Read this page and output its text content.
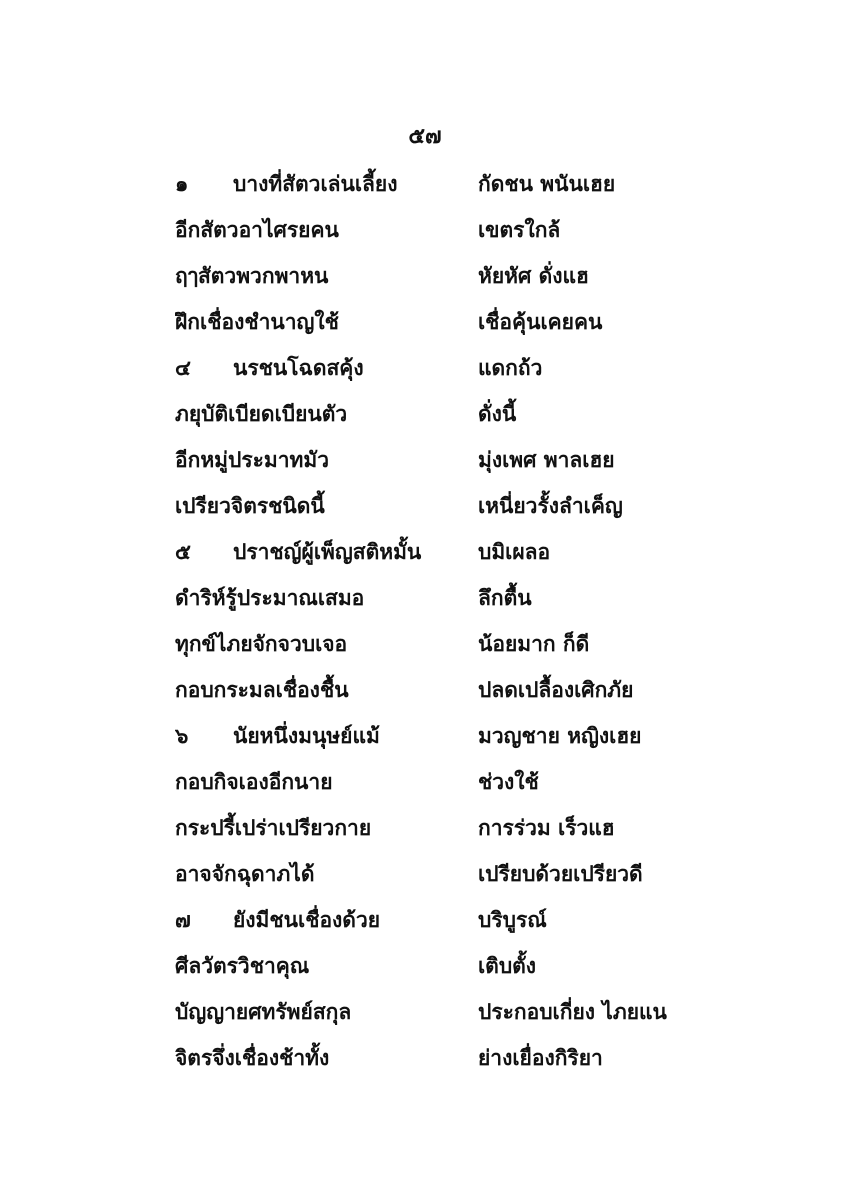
๕๗
๑ บางที่สัตวเล่นเลี้ยง	กัดชน พนันเฮย
อีกสัตวอาไศรยคน	เขตรใกล้
ฤๅสัตวพวกพาหน	หัยหัศ ดั่งแฮ
ฝึกเชื่องชำนาญใช้	เชื่อคุ้นเคยคน
๔ นรชนโฉดสคุ้ง	แดกถ้ว
ภยุบัติเบียดเบียนตัว	ดั่งนี้
อีกหมู่ประมาทมัว	มุ่งเพศ พาลเฮย
เปรียวจิตรชนิดนี้	เหนี่ยวรั้งลำเค็ญ
๕ ปราชญ์ผู้เพ็ญสติหมั้น	บมิเผลอ
ดำริห์รู้ประมาณเสมอ	ลึกตื้น
ทุกข์ไภยจักจวบเจอ	น้อยมาก ก็ดี
กอบกระมลเชื่องชื้น	ปลดเปลื้องเศิกภัย
๖ นัยหนึ่งมนุษย์แม้	มวญชาย หญิงเฮย
กอบกิจเองอีกนาย	ช่วงใช้
กระปรี้เปร่าเปรียวกาย	การร่วม เร็วแฮ
อาจจักฉุดาภได้	เปรียบด้วยเปรียวดี
๗ ยังมีชนเชื่องด้วย	บริบูรณ์
ศีลวัตรวิชาคุณ	เติบตั้ง
บัญญายศทรัพย์สกุล	ประกอบเกี่ยง ไภยแน
จิตรจึ่งเชื่องช้าทั้ง	ย่างเยื่องกิริยา
